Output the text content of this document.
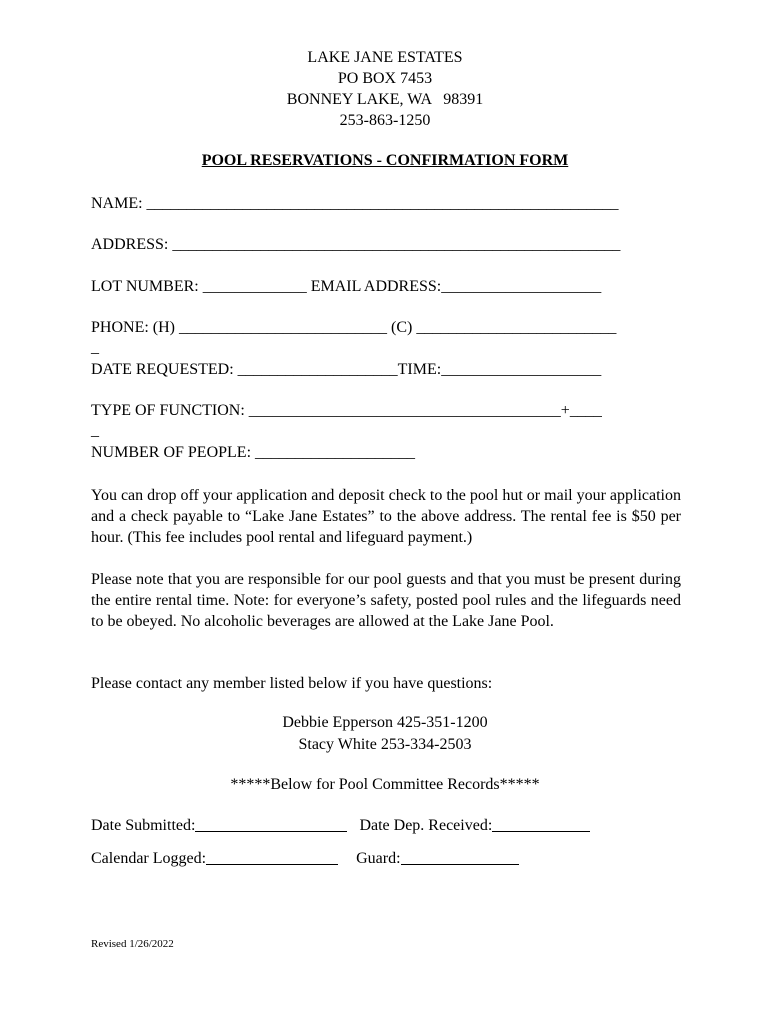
LAKE JANE ESTATES
PO BOX 7453
BONNEY LAKE, WA   98391
253-863-1250
POOL RESERVATIONS - CONFIRMATION FORM
NAME: ___________________________________________________________
ADDRESS: ________________________________________________________
LOT NUMBER: _____________ EMAIL ADDRESS:____________________
PHONE: (H) __________________________ (C) _________________________
_
DATE REQUESTED: ____________________TIME:____________________
TYPE OF FUNCTION: _______________________________________+____
_
NUMBER OF PEOPLE: ____________________
You can drop off your application and deposit check to the pool hut or mail your application and a check payable to “Lake Jane Estates” to the above address. The rental fee is $50 per hour. (This fee includes pool rental and lifeguard payment.)
Please note that you are responsible for our pool guests and that you must be present during the entire rental time. Note: for everyone’s safety, posted pool rules and the lifeguards need to be obeyed. No alcoholic beverages are allowed at the Lake Jane Pool.
Please contact any member listed below if you have questions:
Debbie Epperson 425-351-1200
Stacy White 253-334-2503
*****Below for Pool Committee Records*****
Date Submitted:	Date Dep. Received:
Calendar Logged:	Guard:
Revised 1/26/2022
